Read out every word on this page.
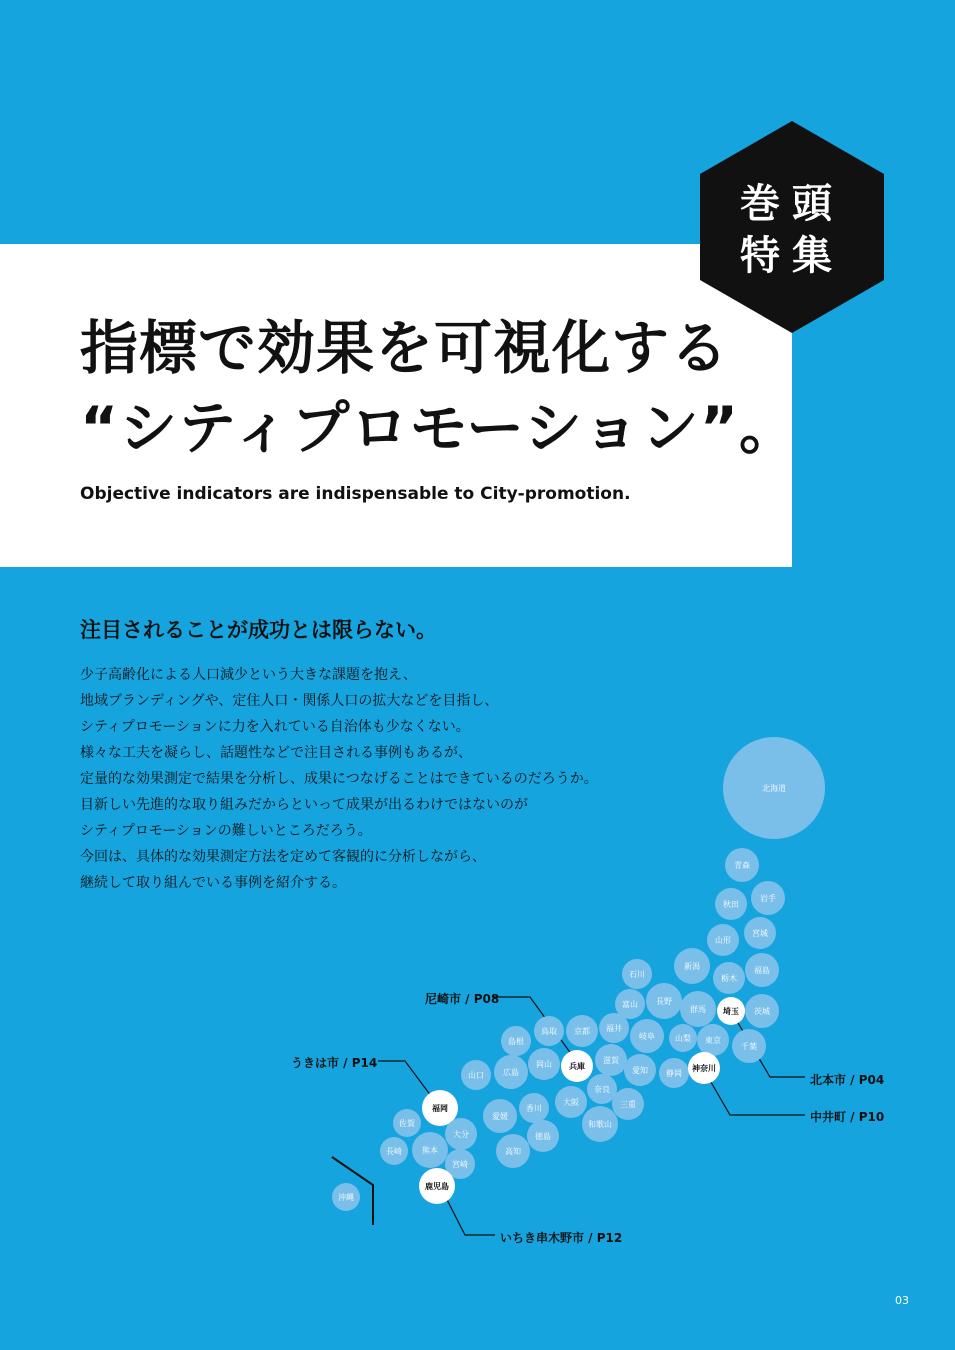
巻頭
特集
指標で効果を可視化する
“シティプロモーション”。
Objective indicators are indispensable to City-promotion.
注目されることが成功とは限らない。
少子高齢化による人口減少という大きな課題を抱え、
地域ブランディングや、定住人口・関係人口の拡大などを目指し、
シティプロモーションに力を入れている自治体も少なくない。
様々な工夫を凝らし、話題性などで注目される事例もあるが、
定量的な効果測定で結果を分析し、成果につなげることはできているのだろうか。
目新しい先進的な取り組みだからといって成果が出るわけではないのが
シティプロモーションの難しいところだろう。
今回は、具体的な効果測定方法を定めて客観的に分析しながら、
継続して取り組んでいる事例を紹介する。
北海道
青森
秋田
岩手
山形
宮城
新潟	福島
石川	栃木
富山	長野
群馬	埼玉	茨城
鳥取	京都	福井
島根
岐阜	山梨	東京
千葉
岡山	兵庫
滋賀
山口	広島	愛知	静岡
神奈川
奈良
香川
大阪	三重
福岡
愛媛
和歌山
佐賀
大分	徳島
長崎	熊本	高知
宮崎
鹿児島
沖縄
尼崎市 / P08
うきは市 / P14
北本市 / P04
中井町 / P10
いちき串木野市 / P12
03
